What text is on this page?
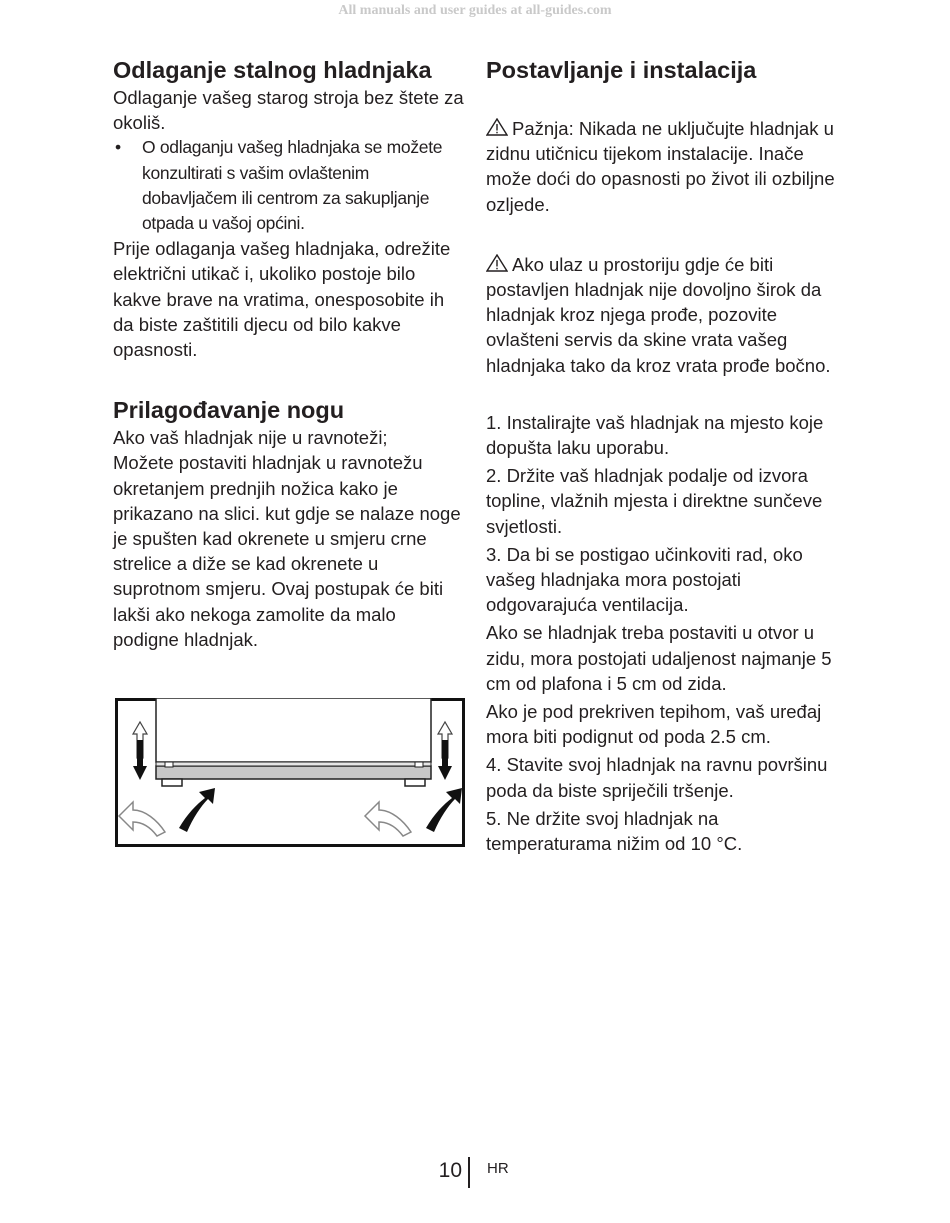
All manuals and user guides at all-guides.com
Odlaganje stalnog hladnjaka

Odlaganje vašeg starog stroja bez štete za okoliš.

• O odlaganju vašeg hladnjaka se možete konzultirati s vašim ovlaštenim dobavljačem ili centrom za sakupljanje otpada u vašoj općini.

Prije odlaganja vašeg hladnjaka, odrežite električni utikač i, ukoliko postoje bilo kakve brave na vratima, onesposobite ih da biste zaštitili djecu od bilo kakve opasnosti.

Prilagođavanje nogu

Ako vaš hladnjak nije u ravnoteži;

Možete postaviti hladnjak u ravnotežu okretanjem prednjih nožica kako je prikazano na slici. kut gdje se nalaze noge je spušten kad okrenete u smjeru crne strelice a diže se kad okrenete u suprotnom smjeru. Ovaj postupak će biti lakši ako nekoga zamolite da malo podigne hladnjak.

Postavljanje i instalacija

Pažnja: Nikada ne uključujte hladnjak u zidnu utičnicu tijekom instalacije. Inače može doći do opasnosti po život ili ozbiljne ozljede.

Ako ulaz u prostoriju gdje će biti postavljen hladnjak nije dovoljno širok da hladnjak kroz njega prođe, pozovite ovlašteni servis da skine vrata vašeg hladnjaka tako da kroz vrata prođe bočno.

1. Instalirajte vaš hladnjak na mjesto koje dopušta laku uporabu.

2. Držite vaš hladnjak podalje od izvora topline, vlažnih mjesta i direktne sunčeve svjetlosti.

3. Da bi se postigao učinkoviti rad, oko vašeg hladnjaka mora postojati odgovarajuća ventilacija.

Ako se hladnjak treba postaviti u otvor u zidu, mora postojati udaljenost najmanje 5 cm od plafona i 5 cm od zida.

Ako je pod prekriven tepihom, vaš uređaj mora biti podignut od poda 2.5 cm.

4. Stavite svoj hladnjak na ravnu površinu poda da biste spriječili tršenje.

5. Ne držite svoj hladnjak na temperaturama nižim od 10 °C.

10 HR
